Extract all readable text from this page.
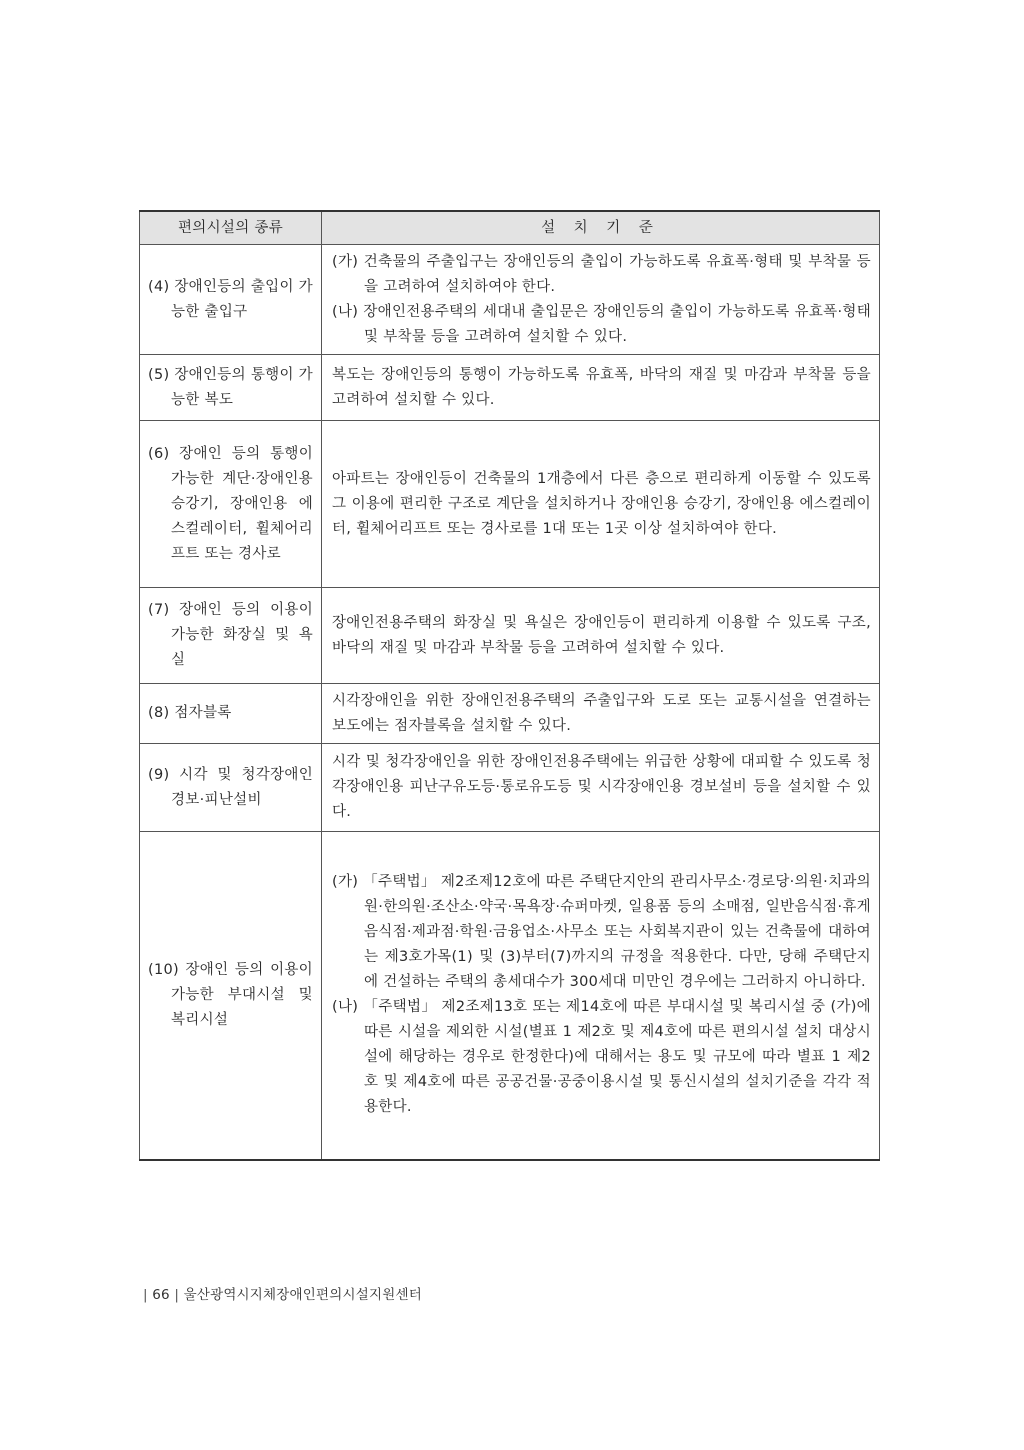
편의시설의 종류	설 치 기 준

(4) 장애인등의 출입이 가능한 출입구	(가) 건축물의 주출입구는 장애인등의 출입이 가능하도록 유효폭·형태 및 부착물 등을 고려하여 설치하여야 한다.
(나) 장애인전용주택의 세대내 출입문은 장애인등의 출입이 가능하도록 유효폭·형태 및 부착물 등을 고려하여 설치할 수 있다.

(5) 장애인등의 통행이 가능한 복도	복도는 장애인등의 통행이 가능하도록 유효폭, 바닥의 재질 및 마감과 부착물 등을 고려하여 설치할 수 있다.

(6) 장애인 등의 통행이 가능한 계단·장애인용 승강기, 장애인용 에스컬레이터, 휠체어리프트 또는 경사로	아파트는 장애인등이 건축물의 1개층에서 다른 층으로 편리하게 이동할 수 있도록 그 이용에 편리한 구조로 계단을 설치하거나 장애인용 승강기, 장애인용 에스컬레이터, 휠체어리프트 또는 경사로를 1대 또는 1곳 이상 설치하여야 한다.

(7) 장애인 등의 이용이 가능한 화장실 및 욕실	장애인전용주택의 화장실 및 욕실은 장애인등이 편리하게 이용할 수 있도록 구조, 바닥의 재질 및 마감과 부착물 등을 고려하여 설치할 수 있다.

(8) 점자블록	시각장애인을 위한 장애인전용주택의 주출입구와 도로 또는 교통시설을 연결하는 보도에는 점자블록을 설치할 수 있다.

(9) 시각 및 청각장애인 경보·피난설비	시각 및 청각장애인을 위한 장애인전용주택에는 위급한 상황에 대피할 수 있도록 청각장애인용 피난구유도등·통로유도등 및 시각장애인용 경보설비 등을 설치할 수 있다.

(10) 장애인 등의 이용이 가능한 부대시설 및 복리시설	(가) 「주택법」 제2조제12호에 따른 주택단지안의 관리사무소·경로당·의원·치과의원·한의원·조산소·약국·목욕장·슈퍼마켓, 일용품 등의 소매점, 일반음식점·휴게음식점·제과점·학원·금융업소·사무소 또는 사회복지관이 있는 건축물에 대하여는 제3호가목(1) 및 (3)부터(7)까지의 규정을 적용한다. 다만, 당해 주택단지에 건설하는 주택의 총세대수가 300세대 미만인 경우에는 그러하지 아니하다.
(나) 「주택법」 제2조제13호 또는 제14호에 따른 부대시설 및 복리시설 중 (가)에 따른 시설을 제외한 시설(별표 1 제2호 및 제4호에 따른 편의시설 설치 대상시설에 해당하는 경우로 한정한다)에 대해서는 용도 및 규모에 따라 별표 1 제2호 및 제4호에 따른 공공건물·공중이용시설 및 통신시설의 설치기준을 각각 적용한다.
| 66 | 울산광역시지체장애인편의시설지원센터
